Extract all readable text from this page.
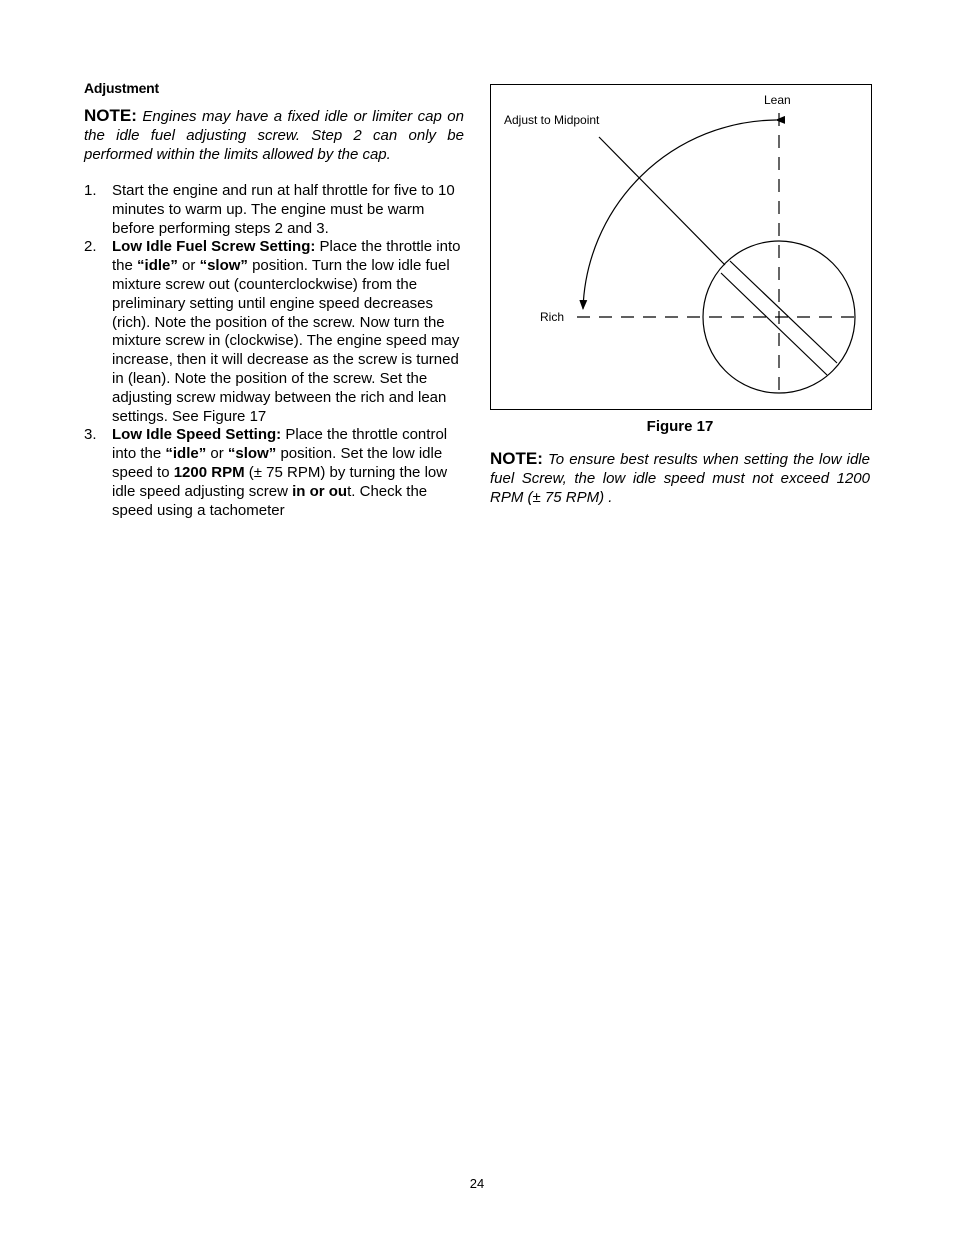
Adjustment

NOTE: Engines may have a fixed idle or limiter cap on the idle fuel adjusting screw. Step 2 can only be performed within the limits allowed by the cap.

1. Start the engine and run at half throttle for five to 10 minutes to warm up. The engine must be warm before performing steps 2 and 3.
2. Low Idle Fuel Screw Setting: Place the throttle into the “idle” or “slow” position. Turn the low idle fuel mixture screw out (counterclockwise) from the preliminary setting until engine speed decreases (rich). Note the position of the screw. Now turn the mixture screw in (clockwise). The engine speed may increase, then it will decrease as the screw is turned in (lean). Note the position of the screw. Set the adjusting screw midway between the rich and lean settings. See Figure 17
3. Low Idle Speed Setting: Place the throttle control into the “idle” or “slow” position. Set the low idle speed to 1200 RPM (± 75 RPM) by turning the low idle speed adjusting screw in or out. Check the speed using a tachometer
Lean
Adjust to Midpoint
Rich
Figure 17

NOTE: To ensure best results when setting the low idle fuel Screw, the low idle speed must not exceed 1200 RPM (± 75 RPM) .

24
